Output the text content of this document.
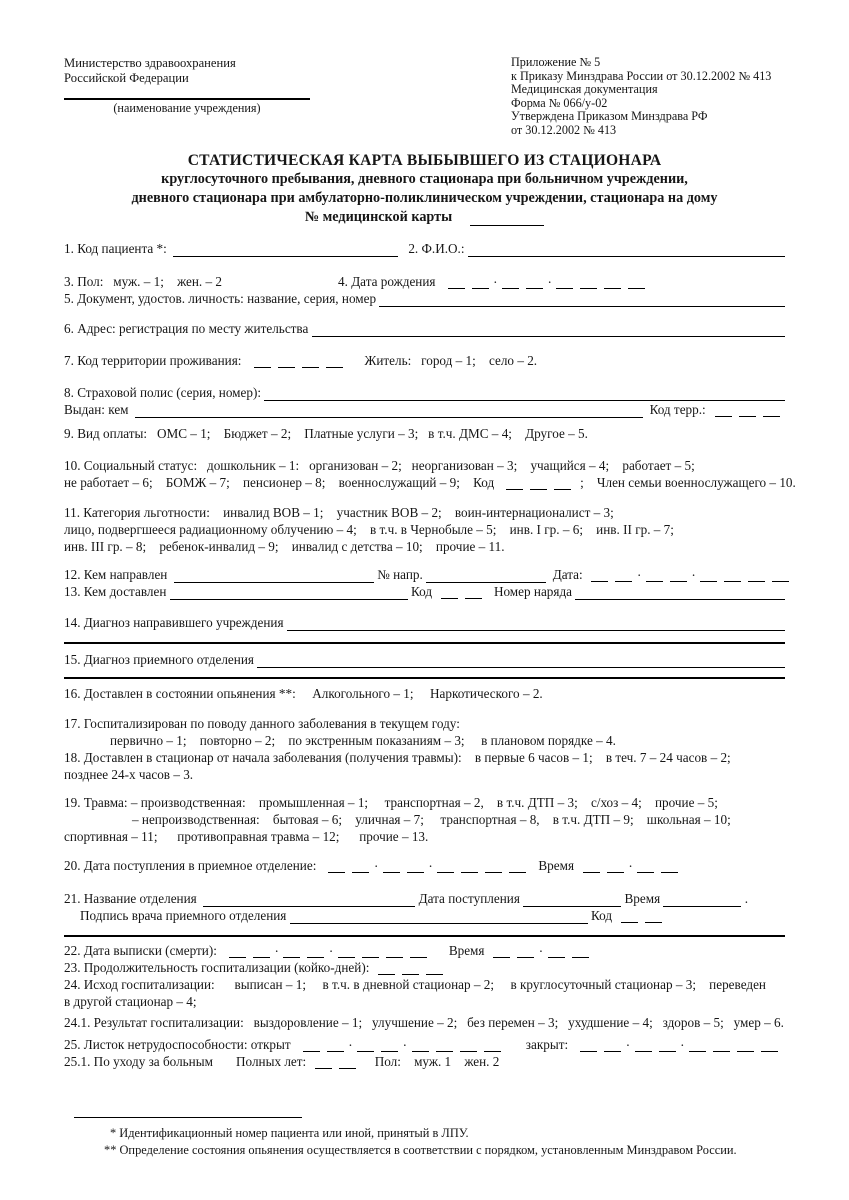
Министерство здравоохранения
Российской Федерации
(наименование учреждения)
Приложение № 5
к Приказу Минздрава России от 30.12.2002 № 413
Медицинская документация
Форма № 066/у-02
Утверждена Приказом Минздрава РФ
от 30.12.2002 № 413
СТАТИСТИЧЕСКАЯ КАРТА ВЫБЫВШЕГО ИЗ СТАЦИОНАРА
круглосуточного пребывания, дневного стационара при больничном учреждении,
дневного стационара при амбулаторно-поликлиническом учреждении, стационара на дому
№ медицинской карты
1. Код пациента *:	2. Ф.И.О.:
3. Пол:   муж. – 1;    жен. – 2	4. Дата рождения	·	·
5. Документ, удостов. личность: название, серия, номер
6. Адрес: регистрация по месту жительства
7. Код территории проживания:	Житель:   город – 1;    село – 2.
8. Страховой полис (серия, номер):
Выдан: кем	Код терр.:
9. Вид оплаты:   ОМС – 1;    Бюджет – 2;    Платные услуги – 3;   в т.ч. ДМС – 4;    Другое – 5.
10. Социальный статус:   дошкольник – 1:   организован – 2;   неорганизован – 3;    учащийся – 4;    работает – 5;
не работает – 6;    БОМЖ – 7;    пенсионер – 8;    военнослужащий – 9;    Код	;    Член семьи военнослужащего – 10.
11. Категория льготности:    инвалид ВОВ – 1;    участник ВОВ – 2;    воин-интернационалист – 3;
лицо, подвергшееся радиационному облучению – 4;    в т.ч. в Чернобыле – 5;    инв. I гр. – 6;    инв. II гр. – 7;
инв. III гр. – 8;    ребенок-инвалид – 9;    инвалид с детства – 10;    прочие – 11.
12. Кем направлен	№ напр.	Дата:	·	·
13. Кем доставлен	Код	Номер наряда
14. Диагноз направившего учреждения
15. Диагноз приемного отделения
16. Доставлен в состоянии опьянения **:     Алкогольного – 1;     Наркотического – 2.
17. Госпитализирован по поводу данного заболевания в текущем году:
первично – 1;    повторно – 2;    по экстренным показаниям – 3;     в плановом порядке – 4.
18. Доставлен в стационар от начала заболевания (получения травмы):    в первые 6 часов – 1;    в теч. 7 – 24 часов – 2;
позднее 24-х часов – 3.
19. Травма: – производственная:    промышленная – 1;     транспортная – 2,    в т.ч. ДТП – 3;    с/хоз – 4;    прочие – 5;
– непроизводственная:    бытовая – 6;    уличная – 7;     транспортная – 8,    в т.ч. ДТП – 9;    школьная – 10;
спортивная – 11;      противоправная травма – 12;      прочие – 13.
20. Дата поступления в приемное отделение:	·	·	Время	·
21. Название отделения	Дата поступления	Время	.
Подпись врача приемного отделения	Код
22. Дата выписки (смерти):	·	·	Время	·
23. Продолжительность госпитализации (койко-дней):
24. Исход госпитализации:      выписан – 1;     в т.ч. в дневной стационар – 2;     в круглосуточный стационар – 3;    переведен
в другой стационар – 4;
24.1. Результат госпитализации:   выздоровление – 1;   улучшение – 2;   без перемен – 3;   ухудшение – 4;   здоров – 5;   умер – 6.
25. Листок нетрудоспособности: открыт	·	·	закрыт:	·	·
25.1. По уходу за больным       Полных лет:	Пол:    муж. 1    жен. 2
* Идентификационный номер пациента или иной, принятый в ЛПУ.
** Определение состояния опьянения осуществляется в соответствии с порядком, установленным Минздравом России.
